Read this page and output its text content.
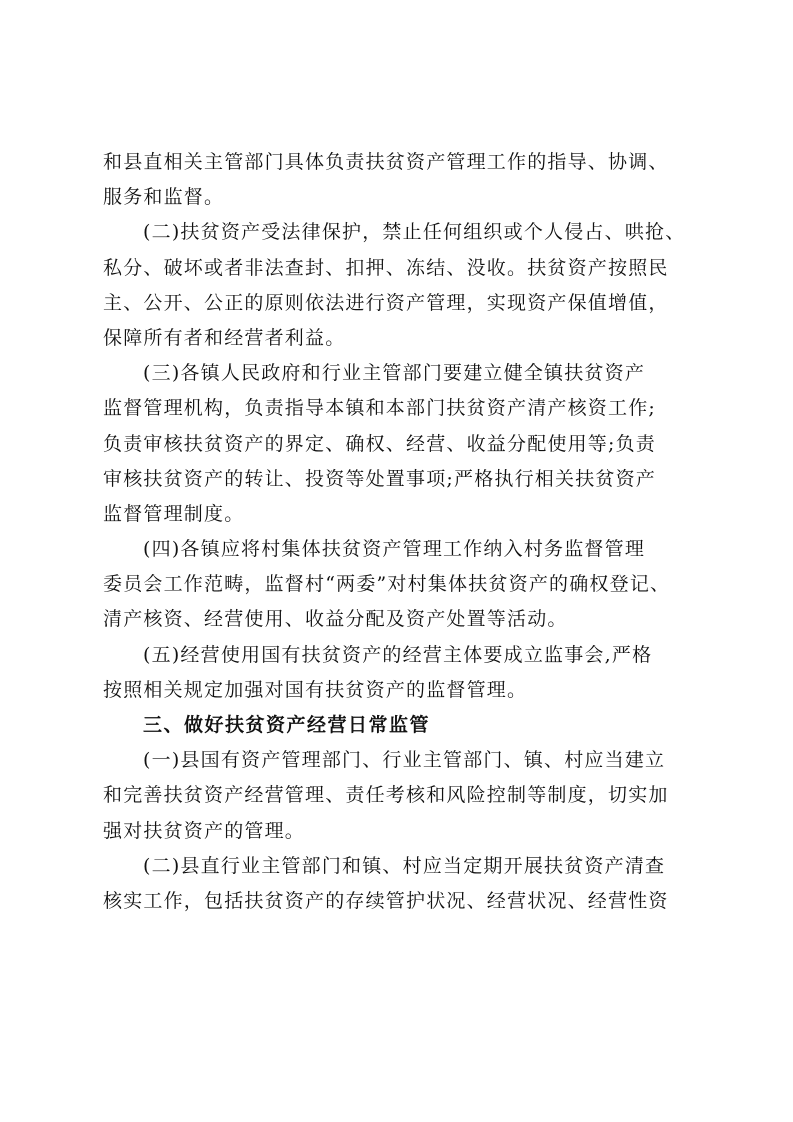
和县直相关主管部门具体负责扶贫资产管理工作的指导、协调、
服务和监督。
(二)扶贫资产受法律保护，禁止任何组织或个人侵占、哄抢、
私分、破坏或者非法查封、扣押、冻结、没收。扶贫资产按照民
主、公开、公正的原则依法进行资产管理，实现资产保值增值，
保障所有者和经营者利益。
(三)各镇人民政府和行业主管部门要建立健全镇扶贫资产
监督管理机构，负责指导本镇和本部门扶贫资产清产核资工作;
负责审核扶贫资产的界定、确权、经营、收益分配使用等;负责
审核扶贫资产的转让、投资等处置事项;严格执行相关扶贫资产
监督管理制度。
(四)各镇应将村集体扶贫资产管理工作纳入村务监督管理
委员会工作范畴，监督村“两委”对村集体扶贫资产的确权登记、
清产核资、经营使用、收益分配及资产处置等活动。
(五)经营使用国有扶贫资产的经营主体要成立监事会,严格
按照相关规定加强对国有扶贫资产的监督管理。
三、做好扶贫资产经营日常监管
(一)县国有资产管理部门、行业主管部门、镇、村应当建立
和完善扶贫资产经营管理、责任考核和风险控制等制度，切实加
强对扶贫资产的管理。
(二)县直行业主管部门和镇、村应当定期开展扶贫资产清查
核实工作，包括扶贫资产的存续管护状况、经营状况、经营性资
